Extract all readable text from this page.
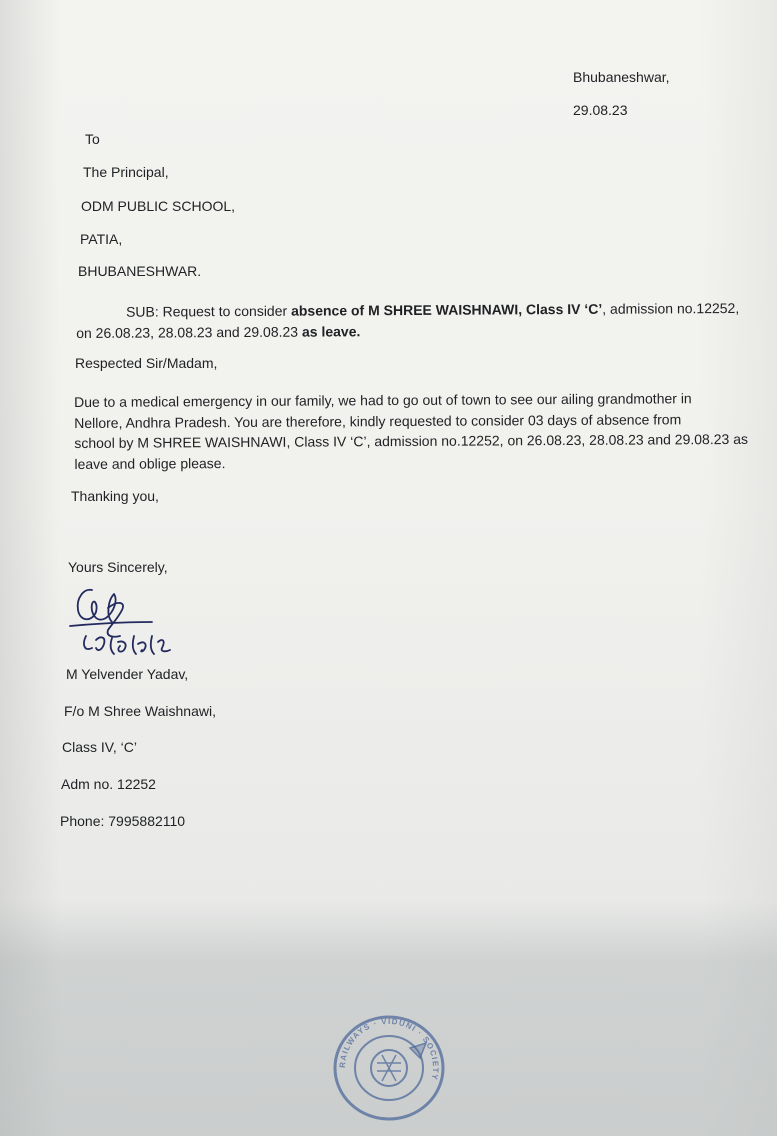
Bhubaneshwar,
29.08.23
To
The Principal,
ODM PUBLIC SCHOOL,
PATIA,
BHUBANESHWAR.
SUB: Request to consider absence of M SHREE WAISHNAWI, Class IV ‘C’, admission no.12252,
on 26.08.23, 28.08.23 and 29.08.23 as leave.
Respected Sir/Madam,
Due to a medical emergency in our family, we had to go out of town to see our ailing grandmother in
Nellore, Andhra Pradesh. You are therefore, kindly requested to consider 03 days of absence from
school by M SHREE WAISHNAWI, Class IV ‘C’, admission no.12252, on 26.08.23, 28.08.23 and 29.08.23 as
leave and oblige please.
Thanking you,
Yours Sincerely,
M Yelvender Yadav,
F/o M Shree Waishnawi,
Class IV, ‘C’
Adm no. 12252
Phone: 7995882110
RAILWAYS · VIDUNI · SOCIETY
